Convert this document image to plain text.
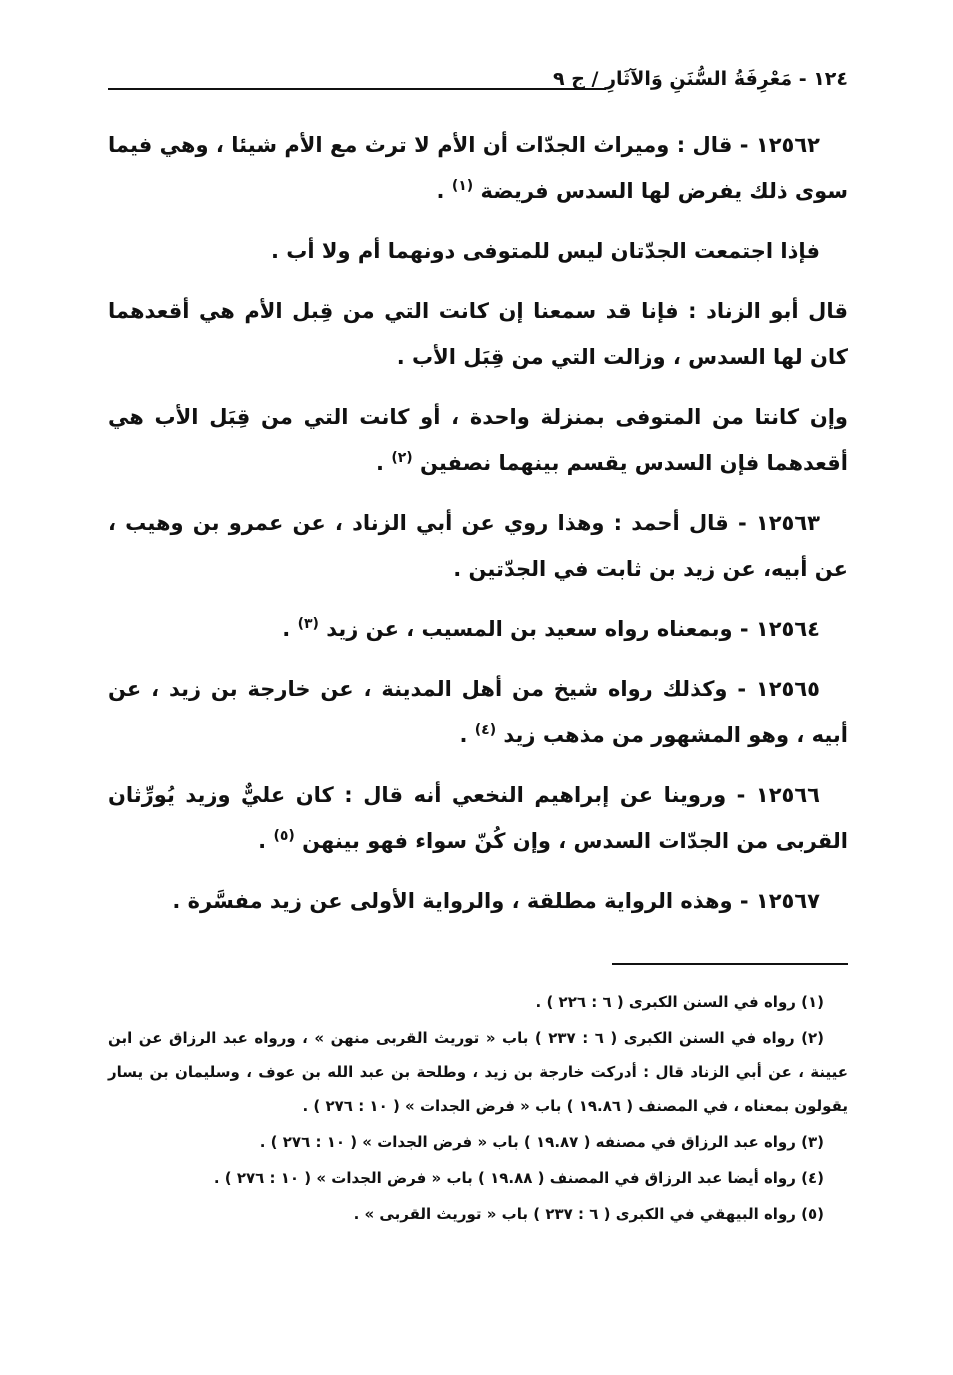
١٢٤ - مَعْرِفَةُ السُّنَنِ وَالآثَارِ / ج ٩

١٢٥٦٢ - قال : وميراث الجدّات أن الأم لا ترث مع الأم شيئا ، وهي فيما سوى ذلك يفرض لها السدس فريضة $^{(١)}$ .

فإذا اجتمعت الجدّتان ليس للمتوفى دونهما أم ولا أب .

قال أبو الزناد : فإنا قد سمعنا إن كانت التي من قِبل الأم هي أقعدهما كان لها السدس ، وزالت التي من قِبَل الأب .

وإن كانتا من المتوفى بمنزلة واحدة ، أو كانت التي من قِبَل الأب هي أقعدهما فإن السدس يقسم بينهما نصفين $^{(٢)}$ .

١٢٥٦٣ - قال أحمد : وهذا روي عن أبي الزناد ، عن عمرو بن وهيب ، عن أبيه، عن زيد بن ثابت في الجدّتين .

١٢٥٦٤ - وبمعناه رواه سعيد بن المسيب ، عن زيد $^{(٣)}$ .

١٢٥٦٥ - وكذلك رواه شيخ من أهل المدينة ، عن خارجة بن زيد ، عن أبيه ، وهو المشهور من مذهب زيد $^{(٤)}$ .

١٢٥٦٦ - وروينا عن إبراهيم النخعي أنه قال : كان عليٌّ وزيد يُورِّثان القربى من الجدّات السدس ، وإن كُنّ سواء فهو بينهن $^{(٥)}$ .

١٢٥٦٧ - وهذه الرواية مطلقة ، والرواية الأولى عن زيد مفسَّرة .

(١) رواه في السنن الكبرى ( ٦ : ٢٢٦ ) .

(٢) رواه في السنن الكبرى ( ٦ : ٢٣٧ ) باب « توريث القربى منهن » ، ورواه عبد الرزاق عن ابن عيينة ، عن أبي الزناد قال : أدركت خارجة بن زيد ، وطلحة بن عبد الله بن عوف ، وسليمان بن يسار يقولون بمعناه ، في المصنف ( ١٩.٨٦ ) باب « فرض الجدات » ( ١٠ : ٢٧٦ ) .

(٣) رواه عبد الرزاق في مصنفه ( ١٩.٨٧ ) باب « فرض الجدات » ( ١٠ : ٢٧٦ ) .

(٤) رواه أيضا عبد الرزاق في المصنف ( ١٩.٨٨ ) باب « فرض الجدات » ( ١٠ : ٢٧٦ ) .

(٥) رواه البيهقي في الكبرى ( ٦ : ٢٣٧ ) باب « توريث القربى » .
